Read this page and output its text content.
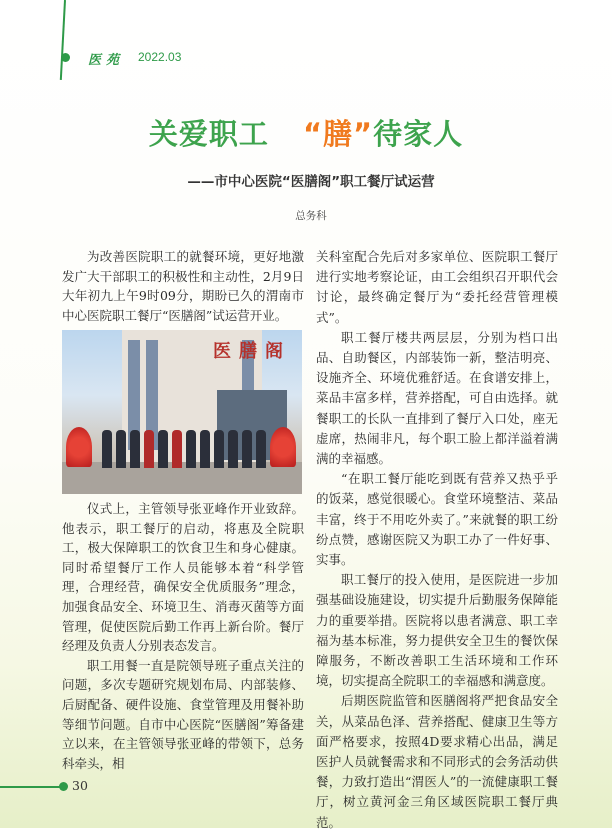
医苑 2022.03
关爱职工 “膳”待家人
——市中心医院“医膳阁”职工餐厅试运营
总务科

为改善医院职工的就餐环境，更好地激发广大干部职工的积极性和主动性，2月9日大年初九上午9时09分，期盼已久的渭南市中心医院职工餐厅“医膳阁”试运营开业。

医膳阁

仪式上，主管领导张亚峰作开业致辞。他表示，职工餐厅的启动，将惠及全院职工，极大保障职工的饮食卫生和身心健康。同时希望餐厅工作人员能够本着“科学管理，合理经营，确保安全优质服务”理念，加强食品安全、环境卫生、消毒灭菌等方面管理，促使医院后勤工作再上新台阶。餐厅经理及负责人分别表态发言。

职工用餐一直是院领导班子重点关注的问题，多次专题研究规划布局、内部装修、后厨配备、硬件设施、食堂管理及用餐补助等细节问题。自市中心医院“医膳阁”筹备建立以来，在主管领导张亚峰的带领下，总务科牵头，相

关科室配合先后对多家单位、医院职工餐厅进行实地考察论证，由工会组织召开职代会讨论，最终确定餐厅为“委托经营管理模式”。

职工餐厅楼共两层层，分别为档口出品、自助餐区，内部装饰一新，整洁明亮、设施齐全、环境优雅舒适。在食谱安排上，菜品丰富多样，营养搭配，可自由选择。就餐职工的长队一直排到了餐厅入口处，座无虚席，热闹非凡，每个职工脸上都洋溢着满满的幸福感。

“在职工餐厅能吃到既有营养又热乎乎的饭菜，感觉很暖心。食堂环境整洁、菜品丰富，终于不用吃外卖了。”来就餐的职工纷纷点赞，感谢医院又为职工办了一件好事、实事。

职工餐厅的投入使用，是医院进一步加强基础设施建设，切实提升后勤服务保障能力的重要举措。医院将以患者满意、职工幸福为基本标准，努力提供安全卫生的餐饮保障服务，不断改善职工生活环境和工作环境，切实提高全院职工的幸福感和满意度。

后期医院监管和医膳阁将严把食品安全关，从菜品色泽、营养搭配、健康卫生等方面严格要求，按照4D要求精心出品，满足医护人员就餐需求和不同形式的会务活动供餐，力致打造出“渭医人”的一流健康职工餐厅，树立黄河金三角区域医院职工餐厅典范。

30
